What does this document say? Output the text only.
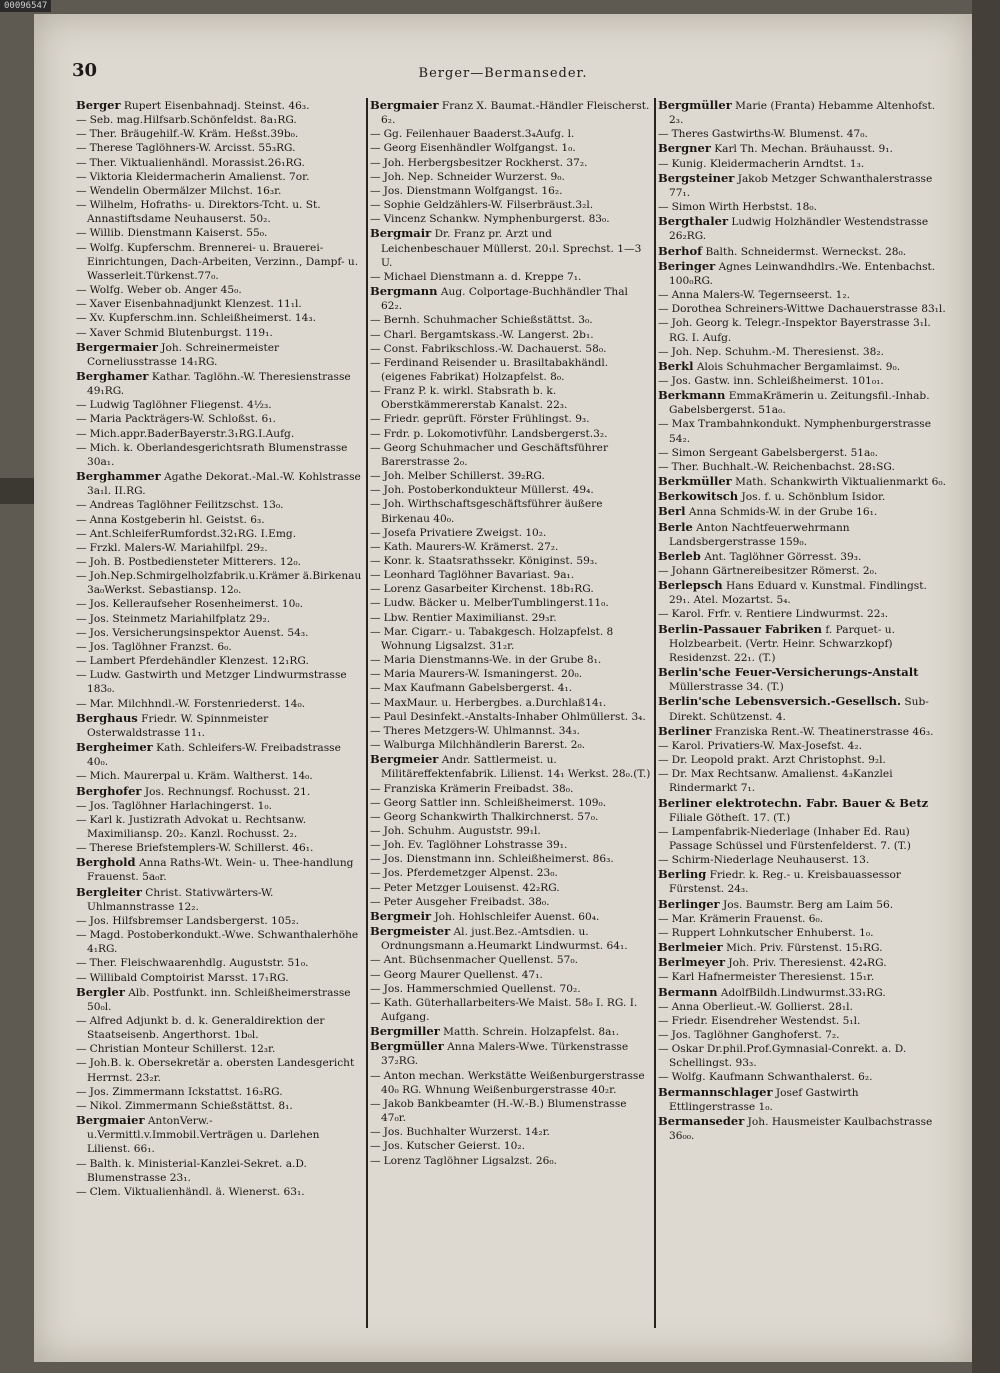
30	Berger—Bermanseder.

Berger Rupert Eisenbahnadj. Steinst. 46₃.

— Seb. mag.Hilfsarb.Schönfeldst. 8a₁RG.

— Ther. Bräugehilf.-W. Kräm. Heßst.39b₀.

— Therese Taglöhners-W. Arcisst. 55₃RG.

— Ther. Viktualienhändl. Morassist.26₁RG.

— Viktoria Kleidermacherin Amalienst. 7or.

— Wendelin Obermälzer Milchst. 16₃r.

— Wilhelm, Hofraths- u. Direktors-Tcht. u. St. Annastiftsdame Neuhauserst. 50₂.

— Willib. Dienstmann Kaiserst. 55₀.

— Wolfg. Kupferschm. Brennerei- u. Brauerei-Einrichtungen, Dach-Arbeiten, Verzinn., Dampf- u. Wasserleit.Türkenst.77₀.

— Wolfg. Weber ob. Anger 45₀.

— Xaver Eisenbahnadjunkt Klenzest. 11₁l.

— Xv. Kupferschm.inn. Schleißheimerst. 14₃.

— Xaver Schmid Blutenburgst. 119₁.

Bergermaier Joh. Schreinermeister Corneliusstrasse 14₁RG.

Berghamer Kathar. Taglöhn.-W. Theresienstrasse 49₁RG.

— Ludwig Taglöhner Fliegenst. 4½₃.

— Maria Packträgers-W. Schloßst. 6₁.

— Mich.appr.BaderBayerstr.3₁RG.I.Aufg.

— Mich. k. Oberlandesgerichtsrath Blumenstrasse 30a₁.

Berghammer Agathe Dekorat.-Mal.-W. Kohlstrasse 3a₁l. II.RG.

— Andreas Taglöhner Feilitzschst. 13₀.

— Anna Kostgeberin hl. Geistst. 6₃.

— Ant.SchleiferRumfordst.32₁RG. I.Emg.

— Frzkl. Malers-W. Mariahilfpl. 29₂.

— Joh. B. Postbediensteter Mitterers. 12₀.

— Joh.Nep.Schmirgelholzfabrik.u.Krämer ä.Birkenau 3a₀Werkst. Sebastiansp. 12₀.

— Jos. Kelleraufseher Rosenheimerst. 10₀.

— Jos. Steinmetz Mariahilfplatz 29₂.

— Jos. Versicherungsinspektor Auenst. 54₃.

— Jos. Taglöhner Franzst. 6₀.

— Lambert Pferdehändler Klenzest. 12₁RG.

— Ludw. Gastwirth und Metzger Lindwurmstrasse 183₀.

— Mar. Milchhndl.-W. Forstenriederst. 14₀.

Berghaus Friedr. W. Spinnmeister Osterwaldstrasse 11₁.

Bergheimer Kath. Schleifers-W. Freibadstrasse 40₀.

— Mich. Maurerpal u. Kräm. Waltherst. 14₀.

Berghofer Jos. Rechnungsf. Rochusst. 21.

— Jos. Taglöhner Harlachingerst. 1₀.

— Karl k. Justizrath Advokat u. Rechtsanw. Maximiliansp. 20₂. Kanzl. Rochusst. 2₂.

— Therese Briefstemplers-W. Schillerst. 46₁.

Berghold Anna Raths-Wt. Wein- u. Thee-handlung Frauenst. 5a₀r.

Bergleiter Christ. Stativwärters-W. Uhlmannstrasse 12₂.

— Jos. Hilfsbremser Landsbergerst. 105₂.

— Magd. Postoberkondukt.-Wwe. Schwanthalerhöhe 4₁RG.

— Ther. Fleischwaarenhdlg. Auguststr. 51₀.

— Willibald Comptoirist Marsst. 17₁RG.

Bergler Alb. Postfunkt. inn. Schleißheimerstrasse 50₀l.

— Alfred Adjunkt b. d. k. Generaldirektion der Staatseisenb. Angerthorst. 1b₀l.

— Christian Monteur Schillerst. 12₃r.

— Joh.B. k. Obersekretär a. obersten Landesgericht Herrnst. 23₂r.

— Jos. Zimmermann Ickstattst. 16₃RG.

— Nikol. Zimmermann Schießstättst. 8₁.

Bergmaier AntonVerw.-u.Vermittl.v.Immobil.Verträgen u. Darlehen Lilienst. 66₁.

— Balth. k. Ministerial-Kanzlei-Sekret. a.D. Blumenstrasse 23₁.

— Clem. Viktualienhändl. ä. Wienerst. 63₁.

Bergmaier Franz X. Baumat.-Händler Fleischerst. 6₂.

— Gg. Feilenhauer Baaderst.3₄Aufg. l.

— Georg Eisenhändler Wolfgangst. 1₀.

— Joh. Herbergsbesitzer Rockherst. 37₂.

— Joh. Nep. Schneider Wurzerst. 9₀.

— Jos. Dienstmann Wolfgangst. 16₂.

— Sophie Geldzählers-W. Filserbräust.3₂l.

— Vincenz Schankw. Nymphenburgerst. 83₀.

Bergmair Dr. Franz pr. Arzt und Leichenbeschauer Müllerst. 20₁l. Sprechst. 1—3 U.

— Michael Dienstmann a. d. Kreppe 7₁.

Bergmann Aug. Colportage-Buchhändler Thal 62₂.

— Bernh. Schuhmacher Schießstättst. 3₀.

— Charl. Bergamtskass.-W. Langerst. 2b₁.

— Const. Fabrikschloss.-W. Dachauerst. 58₀.

— Ferdinand Reisender u. Brasiltabakhändl. (eigenes Fabrikat) Holzapfelst. 8₀.

— Franz P. k. wirkl. Stabsrath b. k. Oberstkämmererstab Kanalst. 22₃.

— Friedr. geprüft. Förster Frühlingst. 9₃.

— Frdr. p. Lokomotivführ. Landsbergerst.3₂.

— Georg Schuhmacher und Geschäftsführer Barerstrasse 2₀.

— Joh. Melber Schillerst. 39₂RG.

— Joh. Postoberkondukteur Müllerst. 49₄.

— Joh. Wirthschaftsgeschäftsführer äußere Birkenau 40₀.

— Josefa Privatiere Zweigst. 10₂.

— Kath. Maurers-W. Krämerst. 27₂.

— Konr. k. Staatsrathssekr. Königinst. 59₃.

— Leonhard Taglöhner Bavariast. 9a₁.

— Lorenz Gasarbeiter Kirchenst. 18b₁RG.

— Ludw. Bäcker u. MelberTumblingerst.11₀.

— Lbw. Rentier Maximilianst. 29₃r.

— Mar. Cigarr.- u. Tabakgesch. Holzapfelst. 8 Wohnung Ligsalzst. 31₂r.

— Maria Dienstmanns-We. in der Grube 8₁.

— Maria Maurers-W. Ismaningerst. 20₀.

— Max Kaufmann Gabelsbergerst. 4₁.

— MaxMaur. u. Herbergbes. a.Durchlaß14₁.

— Paul Desinfekt.-Anstalts-Inhaber Ohlmüllerst. 3₄.

— Theres Metzgers-W. Uhlmannst. 34₃.

— Walburga Milchhändlerin Barerst. 2₀.

Bergmeier Andr. Sattlermeist. u. Militäreffektenfabrik. Lilienst. 14₁ Werkst. 28₀.(T.)

— Franziska Krämerin Freibadst. 38₀.

— Georg Sattler inn. Schleißheimerst. 109₀.

— Georg Schankwirth Thalkirchnerst. 57₀.

— Joh. Schuhm. Auguststr. 99₁l.

— Joh. Ev. Taglöhner Lohstrasse 39₁.

— Jos. Dienstmann inn. Schleißheimerst. 86₃.

— Jos. Pferdemetzger Alpenst. 23₀.

— Peter Metzger Louisenst. 42₂RG.

— Peter Ausgeher Freibadst. 38₀.

Bergmeir Joh. Hohlschleifer Auenst. 60₄.

Bergmeister Al. just.Bez.-Amtsdien. u. Ordnungsmann a.Heumarkt Lindwurmst. 64₁.

— Ant. Büchsenmacher Quellenst. 57₀.

— Georg Maurer Quellenst. 47₁.

— Jos. Hammerschmied Quellenst. 70₂.

— Kath. Güterhallarbeiters-We Maist. 58₀ I. RG. I. Aufgang.

Bergmiller Matth. Schrein. Holzapfelst. 8a₁.

Bergmüller Anna Malers-Wwe. Türkenstrasse 37₂RG.

— Anton mechan. Werkstätte Weißenburgerstrasse 40₀ RG. Whnung Weißenburgerstrasse 40₂r.

— Jakob Bankbeamter (H.-W.-B.) Blumenstrasse 47₀r.

— Jos. Buchhalter Wurzerst. 14₂r.

— Jos. Kutscher Geierst. 10₂.

— Lorenz Taglöhner Ligsalzst. 26₀.

Bergmüller Marie (Franta) Hebamme Altenhofst. 2₃.

— Theres Gastwirths-W. Blumenst. 47₀.

Bergner Karl Th. Mechan. Bräuhausst. 9₁.

— Kunig. Kleidermacherin Arndtst. 1₃.

Bergsteiner Jakob Metzger Schwanthalerstrasse 77₁.

— Simon Wirth Herbstst. 18₀.

Bergthaler Ludwig Holzhändler Westendstrasse 26₂RG.

Berhof Balth. Schneidermst. Werneckst. 28₀.

Beringer Agnes Leinwandhdlrs.-We. Entenbachst. 100₀RG.

— Anna Malers-W. Tegernseerst. 1₂.

— Dorothea Schreiners-Wittwe Dachauerstrasse 83₁l.

— Joh. Georg k. Telegr.-Inspektor Bayerstrasse 3₁l. RG. I. Aufg.

— Joh. Nep. Schuhm.-M. Theresienst. 38₂.

Berkl Alois Schuhmacher Bergamlaimst. 9₀.

— Jos. Gastw. inn. Schleißheimerst. 101₀₁.

Berkmann EmmaKrämerin u. Zeitungsfil.-Inhab. Gabelsbergerst. 51a₀.

— Max Trambahnkondukt. Nymphenburgerstrasse 54₂.

— Simon Sergeant Gabelsbergerst. 51a₀.

— Ther. Buchhalt.-W. Reichenbachst. 28₁SG.

Berkmüller Math. Schankwirth Viktualienmarkt 6₀.

Berkowitsch Jos. f. u. Schönblum Isidor.

Berl Anna Schmids-W. in der Grube 16₁.

Berle Anton Nachtfeuerwehrmann Landsbergerstrasse 159₀.

Berleb Ant. Taglöhner Görresst. 39₃.

— Johann Gärtnereibesitzer Römerst. 2₀.

Berlepsch Hans Eduard v. Kunstmal. Findlingst. 29₁. Atel. Mozartst. 5₄.

— Karol. Frfr. v. Rentiere Lindwurmst. 22₃.

Berlin-Passauer Fabriken f. Parquet- u. Holzbearbeit. (Vertr. Heinr. Schwarzkopf) Residenzst. 22₁. (T.)

Berlin'sche Feuer-Versicherungs-Anstalt Müllerstrasse 34. (T.)

Berlin'sche Lebensversich.-Gesellsch. Sub-Direkt. Schützenst. 4.

Berliner Franziska Rent.-W. Theatinerstrasse 46₃.

— Karol. Privatiers-W. Max-Josefst. 4₂.

— Dr. Leopold prakt. Arzt Christophst. 9₂l.

— Dr. Max Rechtsanw. Amalienst. 4₃Kanzlei Rindermarkt 7₁.

Berliner elektrotechn. Fabr. Bauer & Betz Filiale Götheſt. 17. (T.)

— Lampenfabrik-Niederlage (Inhaber Ed. Rau) Passage Schüssel und Fürstenfelderst. 7. (T.)

— Schirm-Niederlage Neuhauserst. 13.

Berling Friedr. k. Reg.- u. Kreisbauassessor Fürstenst. 24₃.

Berlinger Jos. Baumstr. Berg am Laim 56.

— Mar. Krämerin Frauenst. 6₀.

— Ruppert Lohnkutscher Enhuberst. 1₀.

Berlmeier Mich. Priv. Fürstenst. 15₁RG.

Berlmeyer Joh. Priv. Theresienst. 42₄RG.

— Karl Hafnermeister Theresienst. 15₁r.

Bermann AdolfBildh.Lindwurmst.33₁RG.

— Anna Oberlieut.-W. Gollierst. 28₁l.

— Friedr. Eisendreher Westendst. 5₁l.

— Jos. Taglöhner Ganghoferst. 7₂.

— Oskar Dr.phil.Prof.Gymnasial-Conrekt. a. D. Schellingst. 93₃.

— Wolfg. Kaufmann Schwanthalerst. 6₂.

Bermannschlager Josef Gastwirth Ettlingerstrasse 1₀.

Bermanseder Joh. Hausmeister Kaulbachstrasse 36₀₀.

00096547
